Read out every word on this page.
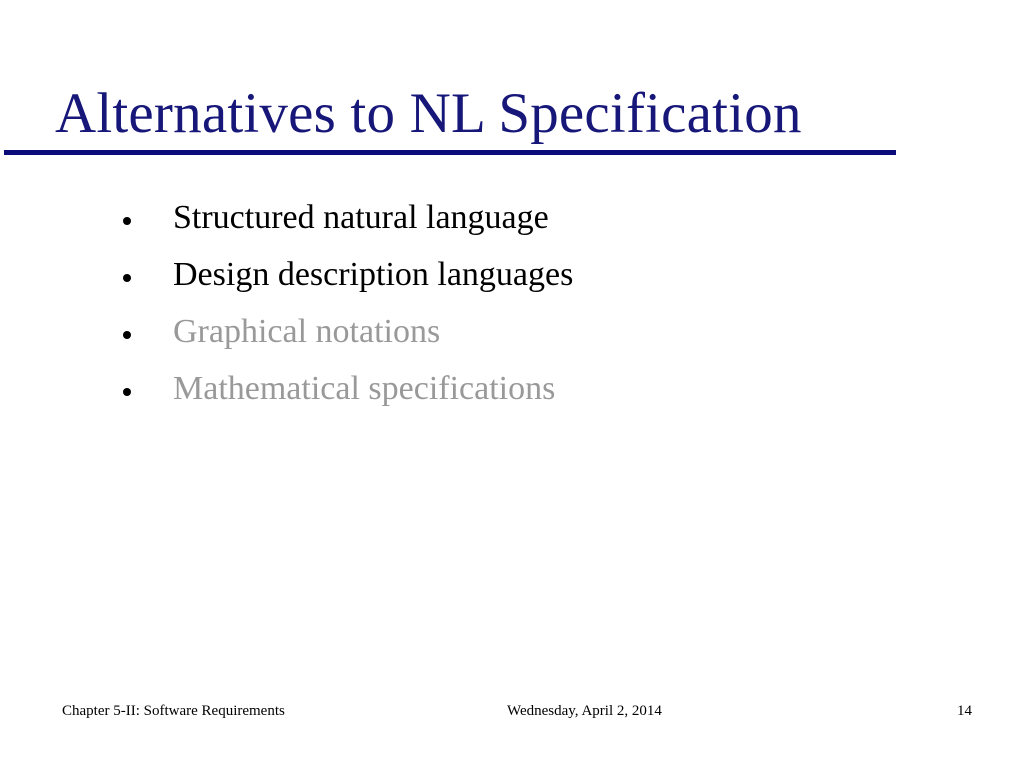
Alternatives to NL Specification
Structured natural language
Design description languages
Graphical notations
Mathematical specifications
Chapter 5-II: Software Requirements	Wednesday, April 2, 2014	14
